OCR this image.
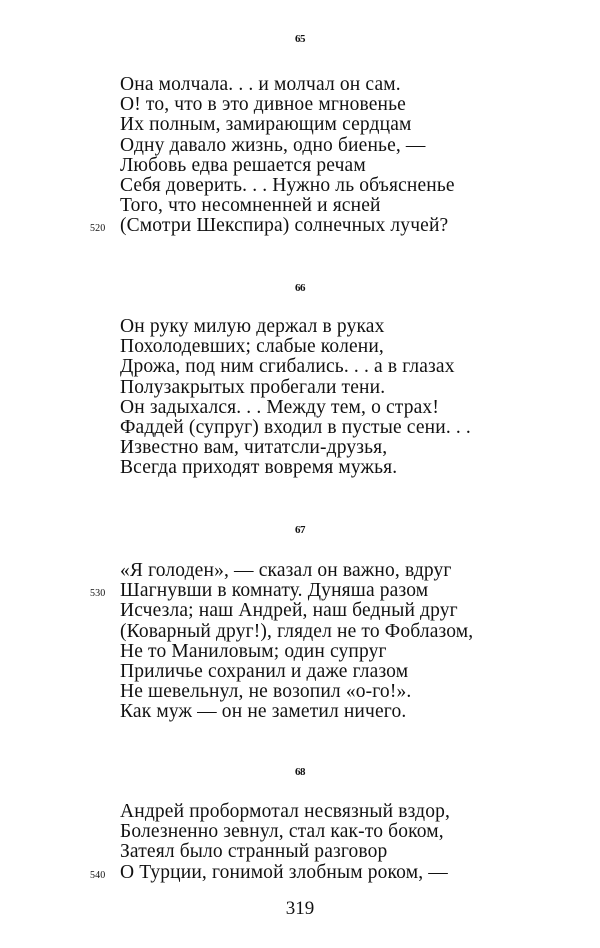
65
Она молчала. . . и молчал он сам.
О! то, что в это дивное мгновенье
Их полным, замирающим сердцам
Одну давало жизнь, одно биенье, —
Любовь едва решается речам
Себя доверить. . . Нужно ль объясненье
Того, что несомненней и ясней
(Смотри Шекспира) солнечных лучей?
520
66
Он руку милую держал в руках
Похолодевших; слабые колени,
Дрожа, под ним сгибались. . . а в глазах
Полузакрытых пробегали тени.
Он задыхался. . . Между тем, о страх!
Фаддей (супруг) входил в пустые сени. . .
Известно вам, читатсли-друзья,
Всегда приходят вовремя мужья.
67
«Я голоден», — сказал он важно, вдруг
Шагнувши в комнату. Дуняша разом
530
Исчезла; наш Андрей, наш бедный друг
(Коварный друг!), глядел не то Фоблазом,
Не то Маниловым; один супруг
Приличье сохранил и даже глазом
Не шевельнул, не возопил «о-го!».
Как муж — он не заметил ничего.
68
Андрей пробормотал несвязный вздор,
Болезненно зевнул, стал как-то боком,
Затеял было странный разговор
О Турции, гонимой злобным роком, —
540
319
